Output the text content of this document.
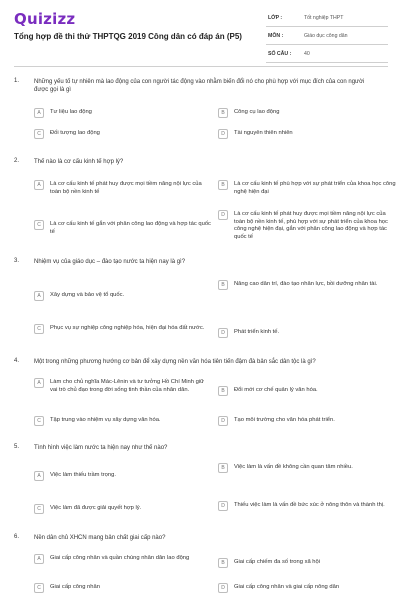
Quizizz
Tổng hợp đề thi thử THPTQG 2019 Công dân có đáp án (P5)
LỚP :	Tốt nghiệp THPT
MÔN :	Giáo dục công dân
SỐ CÂU : 40
1. Những yếu tố tự nhiên mà lao động của con người tác động vào nhằm biến đổi nó cho phù hợp với mục đích của con người được gọi là gì
A	Tư liệu lao động	B	Công cụ lao động
C	Đối tượng lao động	D	Tài nguyên thiên nhiên
2. Thế nào là cơ cấu kinh tế hợp lý?
A	Là cơ cấu kinh tế phát huy được mọi tiềm năng nội lực của toàn bộ nền kinh tế
B	Là cơ cấu kinh tế phù hợp với sự phát triển của khoa học công nghệ hiện đại
C	Là cơ cấu kinh tế gắn với phân công lao động và hợp tác quốc tế
D	Là cơ cấu kinh tế phát huy được mọi tiềm năng nội lực của toàn bộ nền kinh tế, phù hợp với sự phát triển của khoa học công nghệ hiện đại, gắn với phân công lao động và hợp tác quốc tế
3. Nhiệm vụ của giáo dục – đào tạo nước ta hiện nay là gì?
A	Xây dựng và bảo vệ tổ quốc.
B	Nâng cao dân trí, đào tạo nhân lực, bồi dưỡng nhân tài.
C	Phục vụ sự nghiệp công nghiệp hóa, hiện đại hóa đất nước.
D	Phát triển kinh tế.
4. Một trong những phương hướng cơ bản để xây dựng nền văn hóa tiên tiến đậm đà bản sắc dân tộc là gì?
A	Làm cho chủ nghĩa Mác-Lênin và tư tưởng Hồ Chí Minh giữ vai trò chủ đạo trong đời sống tinh thần của nhân dân.	B	Đổi mới cơ chế quản lý văn hóa.
C	Tập trung vào nhiệm vụ xây dựng văn hóa.	D	Tạo môi trường cho văn hóa phát triển.
5. Tình hình việc làm nước ta hiện nay như thế nào?
A	Việc làm thiếu trầm trọng.
B	Việc làm là vấn đề không cần quan tâm nhiều.
C	Việc làm đã được giải quyết hợp lý.	D	Thiếu việc làm là vấn đề bức xúc ở nông thôn và thành thị.
6. Nền dân chủ XHCN mang bản chất giai cấp nào?
A	Giai cấp công nhân và quần chúng nhân dân lao động
B	Giai cấp chiếm đa số trong xã hội
C	Giai cấp công nhân	D	Giai cấp công nhân và giai cấp nông dân
